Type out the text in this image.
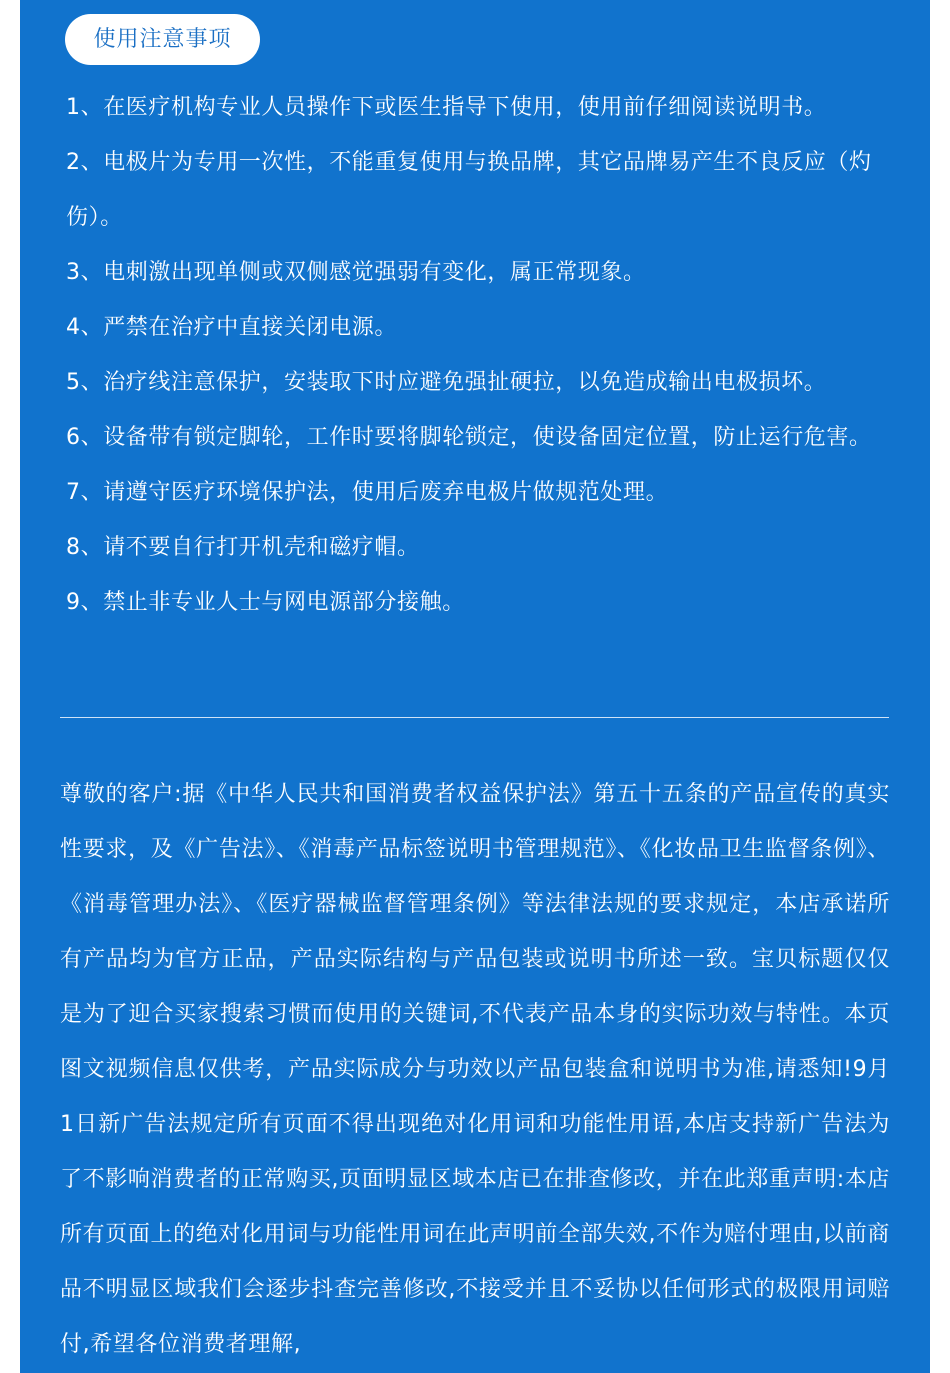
使用注意事项
1、在医疗机构专业人员操作下或医生指导下使用，使用前仔细阅读说明书。
2、电极片为专用一次性，不能重复使用与换品牌，其它品牌易产生不良反应（灼伤）。
3、电刺激出现单侧或双侧感觉强弱有变化，属正常现象。
4、严禁在治疗中直接关闭电源。
5、治疗线注意保护，安装取下时应避免强扯硬拉，以免造成输出电极损坏。
6、设备带有锁定脚轮，工作时要将脚轮锁定，使设备固定位置，防止运行危害。
7、请遵守医疗环境保护法，使用后废弃电极片做规范处理。
8、请不要自行打开机壳和磁疗帽。
9、禁止非专业人士与网电源部分接触。

尊敬的客户:据《中华人民共和国消费者权益保护法》第五十五条的产品宣传的真实性要求，及《广告法》、《消毒产品标签说明书管理规范》、《化妆品卫生监督条例》、《消毒管理办法》、《医疗器械监督管理条例》等法律法规的要求规定，本店承诺所有产品均为官方正品，产品实际结构与产品包装或说明书所述一致。宝贝标题仅仅是为了迎合买家搜索习惯而使用的关键词,不代表产品本身的实际功效与特性。本页图文视频信息仅供考，产品实际成分与功效以产品包装盒和说明书为准,请悉知!9月1日新广告法规定所有页面不得出现绝对化用词和功能性用语,本店支持新广告法为了不影响消费者的正常购买,页面明显区域本店已在排查修改，并在此郑重声明:本店所有页面上的绝对化用词与功能性用词在此声明前全部失效,不作为赔付理由,以前商品不明显区域我们会逐步抖查完善修改,不接受并且不妥协以任何形式的极限用词赔付,希望各位消费者理解,
